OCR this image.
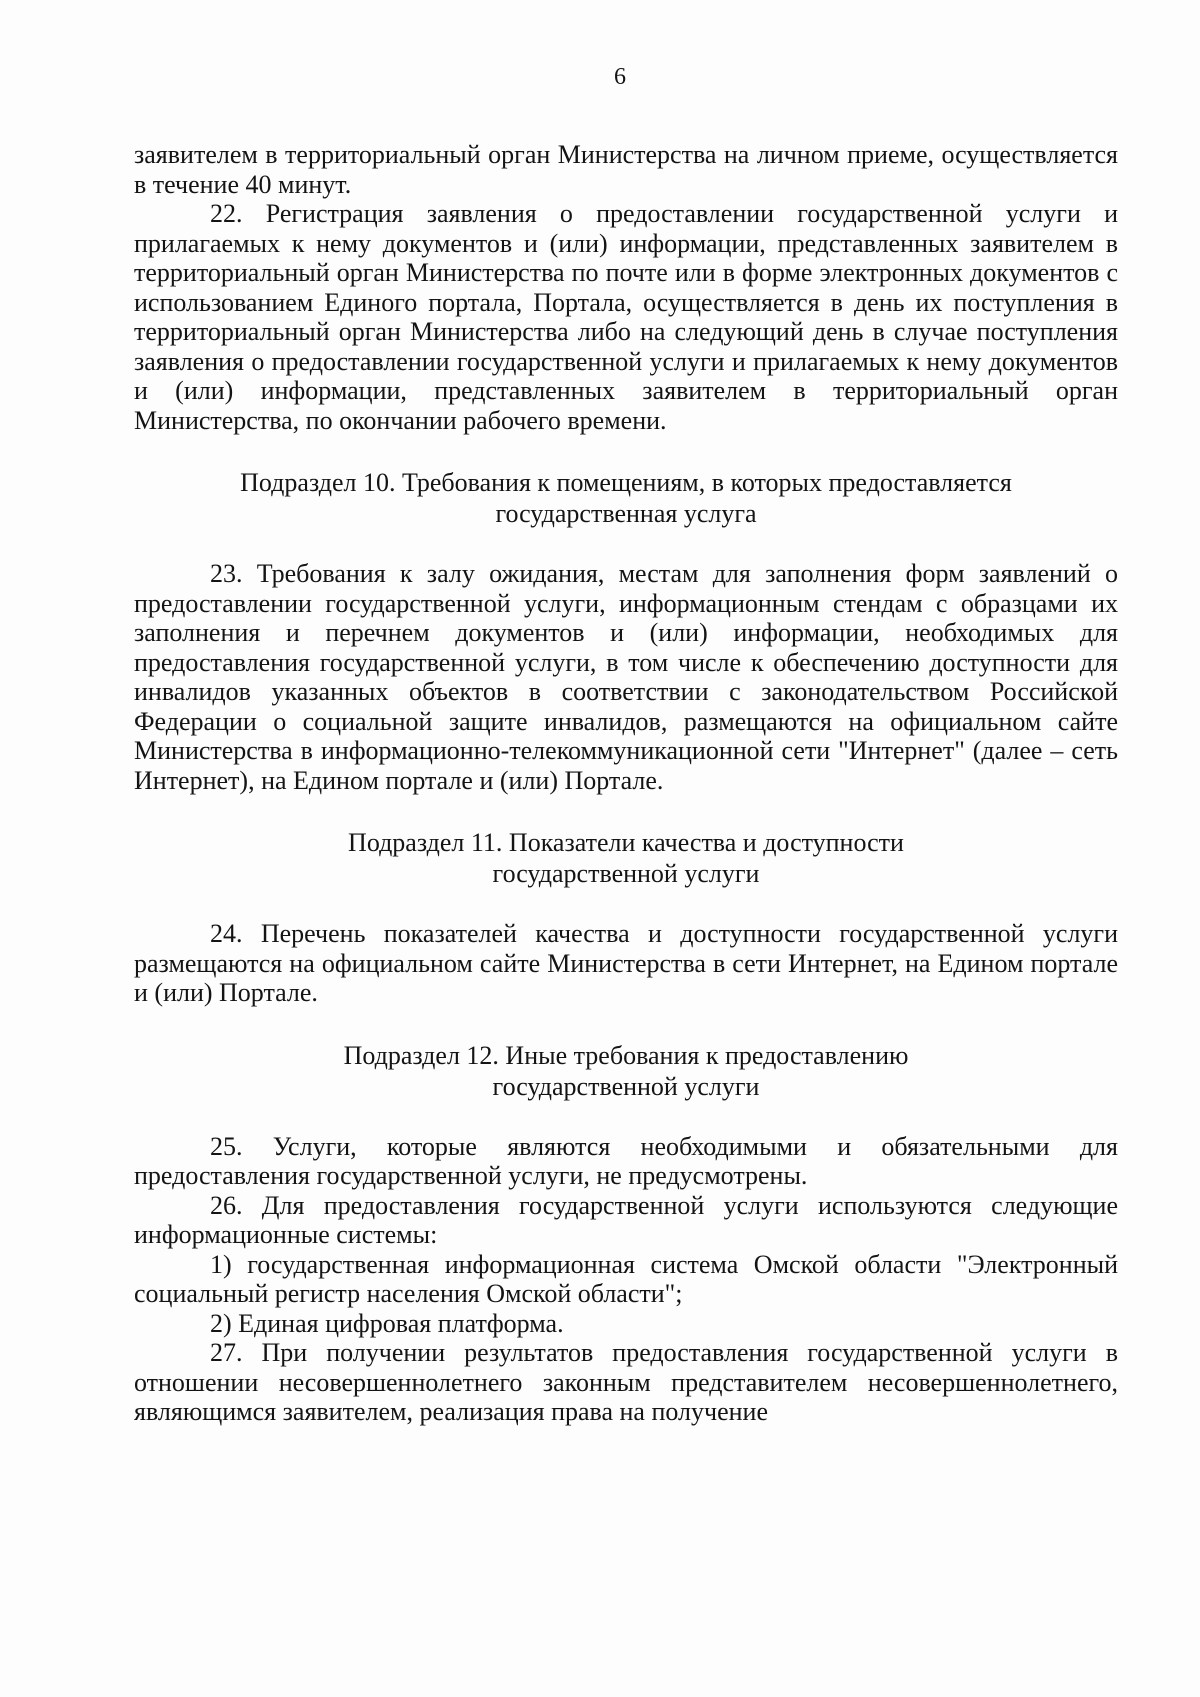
6

заявителем в территориальный орган Министерства на личном приеме, осуществляется в течение 40 минут.

22. Регистрация заявления о предоставлении государственной услуги и прилагаемых к нему документов и (или) информации, представленных заявителем в территориальный орган Министерства по почте или в форме электронных документов с использованием Единого портала, Портала, осуществляется в день их поступления в территориальный орган Министерства либо на следующий день в случае поступления заявления о предоставлении государственной услуги и прилагаемых к нему документов и (или) информации, представленных заявителем в территориальный орган Министерства, по окончании рабочего времени.

Подраздел 10. Требования к помещениям, в которых предоставляется

государственная услуга

23. Требования к залу ожидания, местам для заполнения форм заявлений о предоставлении государственной услуги, информационным стендам с образцами их заполнения и перечнем документов и (или) информации, необходимых для предоставления государственной услуги, в том числе к обеспечению доступности для инвалидов указанных объектов в соответствии с законодательством Российской Федерации о социальной защите инвалидов, размещаются на официальном сайте Министерства в информационно-телекоммуникационной сети "Интернет" (далее – сеть Интернет), на Едином портале и (или) Портале.

Подраздел 11. Показатели качества и доступности

государственной услуги

24. Перечень показателей качества и доступности государственной услуги размещаются на официальном сайте Министерства в сети Интернет, на Едином портале и (или) Портале.

Подраздел 12. Иные требования к предоставлению

государственной услуги

25. Услуги, которые являются необходимыми и обязательными для предоставления государственной услуги, не предусмотрены.

26. Для предоставления государственной услуги используются следующие информационные системы:

1) государственная информационная система Омской области "Электронный социальный регистр населения Омской области";

2) Единая цифровая платформа.

27. При получении результатов предоставления государственной услуги в отношении несовершеннолетнего законным представителем несовершеннолетнего, являющимся заявителем, реализация права на получение
